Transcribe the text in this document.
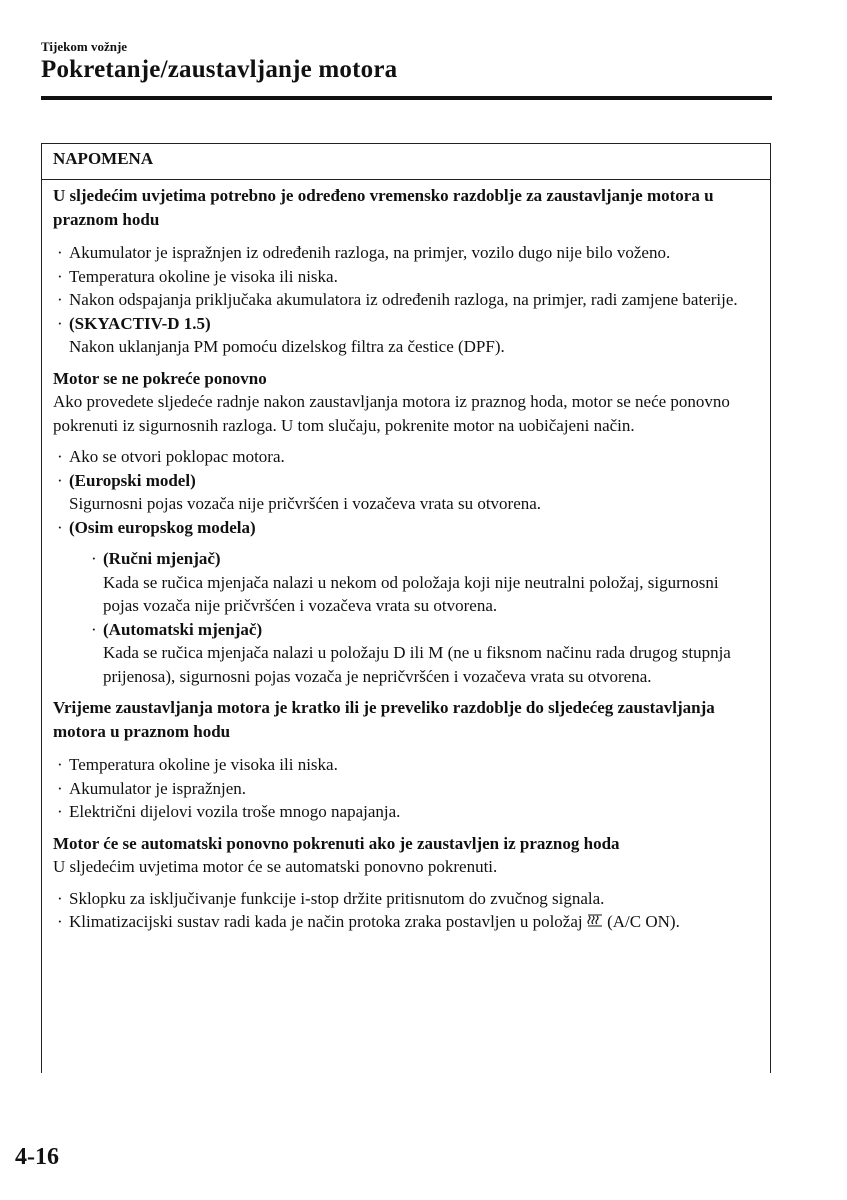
Tijekom vožnje
Pokretanje/zaustavljanje motora
NAPOMENA
U sljedećim uvjetima potrebno je određeno vremensko razdoblje za zaustavljanje motora u praznom hodu
· Akumulator je ispražnjen iz određenih razloga, na primjer, vozilo dugo nije bilo voženo.
· Temperatura okoline je visoka ili niska.
· Nakon odspajanja priključaka akumulatora iz određenih razloga, na primjer, radi zamjene baterije.
· (SKYACTIV-D 1.5)
Nakon uklanjanja PM pomoću dizelskog filtra za čestice (DPF).
Motor se ne pokreće ponovno
Ako provedete sljedeće radnje nakon zaustavljanja motora iz praznog hoda, motor se neće ponovno pokrenuti iz sigurnosnih razloga. U tom slučaju, pokrenite motor na uobičajeni način.
· Ako se otvori poklopac motora.
· (Europski model)
Sigurnosni pojas vozača nije pričvršćen i vozačeva vrata su otvorena.
· (Osim europskog modela)
· (Ručni mjenjač)
Kada se ručica mjenjača nalazi u nekom od položaja koji nije neutralni položaj, sigurnosni pojas vozača nije pričvršćen i vozačeva vrata su otvorena.
· (Automatski mjenjač)
Kada se ručica mjenjača nalazi u položaju D ili M (ne u fiksnom načinu rada drugog stupnja prijenosa), sigurnosni pojas vozača je nepričvršćen i vozačeva vrata su otvorena.
Vrijeme zaustavljanja motora je kratko ili je preveliko razdoblje do sljedećeg zaustavljanja motora u praznom hodu
· Temperatura okoline je visoka ili niska.
· Akumulator je ispražnjen.
· Električni dijelovi vozila troše mnogo napajanja.
Motor će se automatski ponovno pokrenuti ako je zaustavljen iz praznog hoda
U sljedećim uvjetima motor će se automatski ponovno pokrenuti.
· Sklopku za isključivanje funkcije i-stop držite pritisnutom do zvučnog signala.
· Klimatizacijski sustav radi kada je način protoka zraka postavljen u položaj (A/C ON).
4-16
